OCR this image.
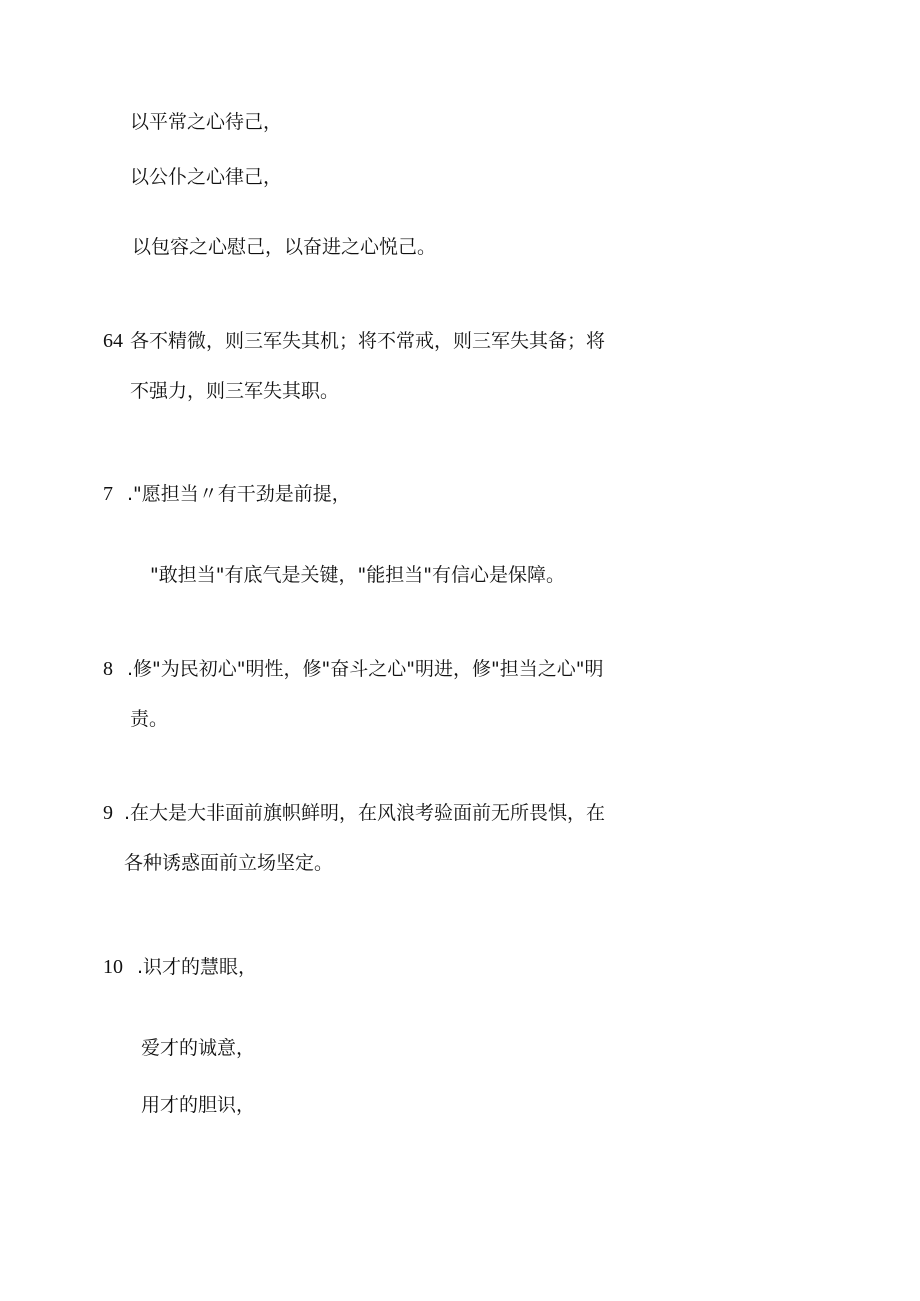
以平常之心待己，
以公仆之心律己，
以包容之心慰己，以奋进之心悦己。
64 各不精微，则三军失其机；将不常戒，则三军失其备；将
不强力，则三军失其职。
7 ."愿担当〃有干劲是前提，
"敢担当"有底气是关键，"能担当"有信心是保障。
8 .修"为民初心"明性，修"奋斗之心"明进，修"担当之心"明
责。
9 .在大是大非面前旗帜鲜明，在风浪考验面前无所畏惧，在
各种诱惑面前立场坚定。
10 .识才的慧眼，
爱才的诚意，
用才的胆识，
